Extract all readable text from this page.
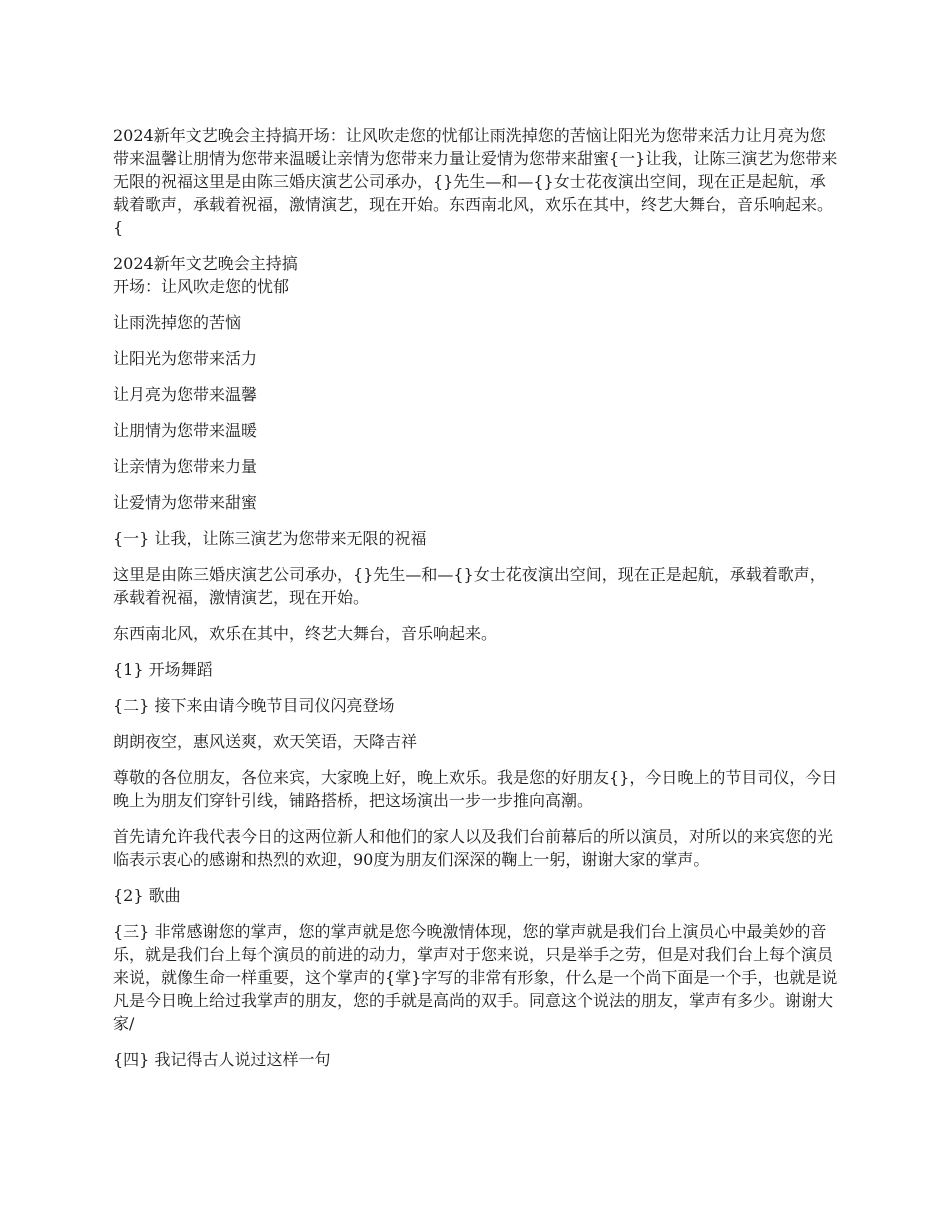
2024新年文艺晚会主持搞开场：让风吹走您的忧郁让雨洗掉您的苦恼让阳光为您带来活力让月亮为您带来温馨让朋情为您带来温暖让亲情为您带来力量让爱情为您带来甜蜜{一}让我，让陈三演艺为您带来无限的祝福这里是由陈三婚庆演艺公司承办，{}先生—和—{}女士花夜演出空间，现在正是起航，承载着歌声，承载着祝福，激情演艺，现在开始。东西南北风，欢乐在其中，终艺大舞台，音乐响起来。{

2024新年文艺晚会主持搞

开场：让风吹走您的忧郁

让雨洗掉您的苦恼

让阳光为您带来活力

让月亮为您带来温馨

让朋情为您带来温暖

让亲情为您带来力量

让爱情为您带来甜蜜

{一} 让我，让陈三演艺为您带来无限的祝福

这里是由陈三婚庆演艺公司承办，{}先生—和—{}女士花夜演出空间，现在正是起航，承载着歌声，承载着祝福，激情演艺，现在开始。

东西南北风，欢乐在其中，终艺大舞台，音乐响起来。

{1} 开场舞蹈

{二} 接下来由请今晚节目司仪闪亮登场

朗朗夜空，惠风送爽，欢天笑语，天降吉祥

尊敬的各位朋友，各位来宾，大家晚上好，晚上欢乐。我是您的好朋友{}，今日晚上的节目司仪，今日晚上为朋友们穿针引线，铺路搭桥，把这场演出一步一步推向高潮。

首先请允许我代表今日的这两位新人和他们的家人以及我们台前幕后的所以演员，对所以的来宾您的光临表示衷心的感谢和热烈的欢迎，90度为朋友们深深的鞠上一躬，谢谢大家的掌声。

{2} 歌曲

{三} 非常感谢您的掌声，您的掌声就是您今晚激情体现，您的掌声就是我们台上演员心中最美妙的音乐，就是我们台上每个演员的前进的动力，掌声对于您来说，只是举手之劳，但是对我们台上每个演员来说，就像生命一样重要，这个掌声的{掌}字写的非常有形象，什么是一个尚下面是一个手，也就是说凡是今日晚上给过我掌声的朋友，您的手就是高尚的双手。同意这个说法的朋友，掌声有多少。谢谢大家/

{四} 我记得古人说过这样一句
